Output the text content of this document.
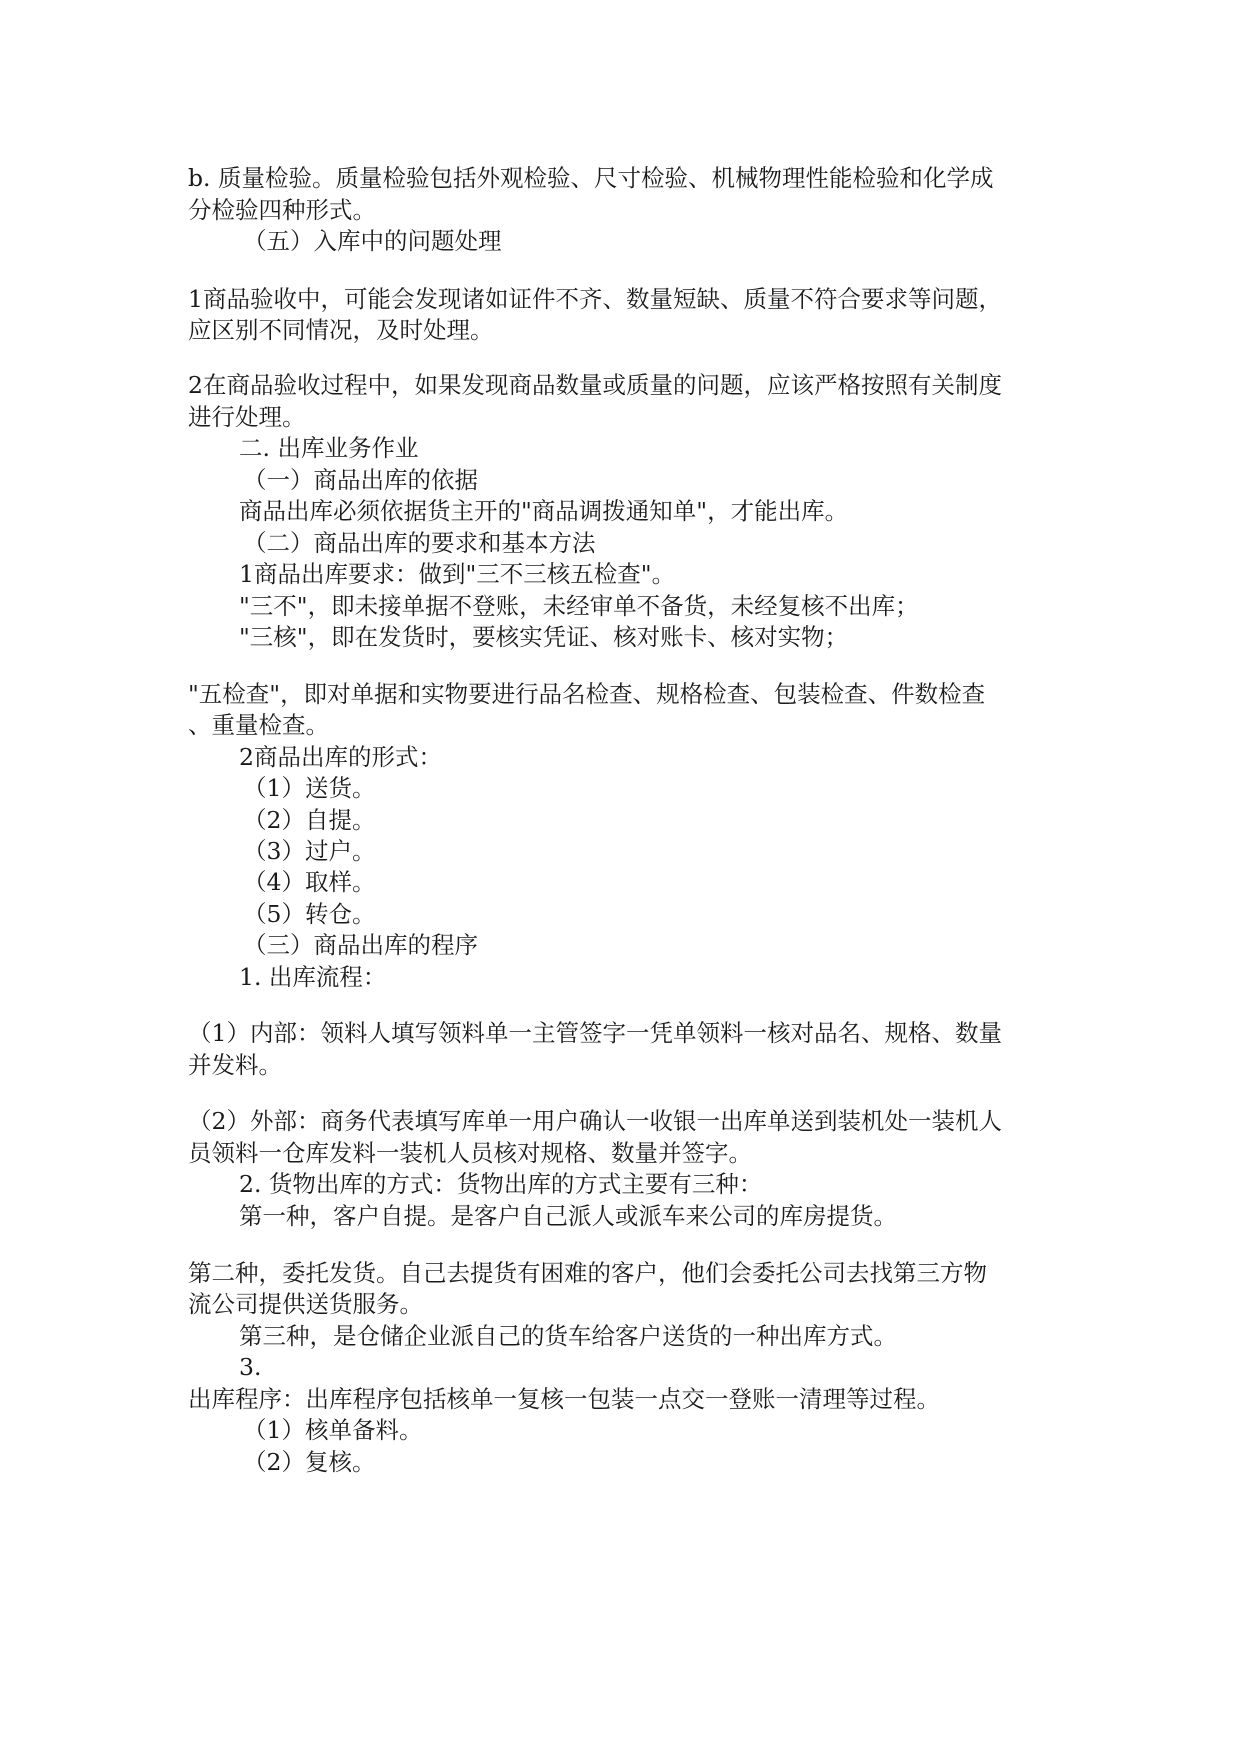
b. 质量检验。质量检验包括外观检验、尺寸检验、机械物理性能检验和化学成
分检验四种形式。
（五）入库中的问题处理
1商品验收中，可能会发现诸如证件不齐、数量短缺、质量不符合要求等问题，
应区别不同情况，及时处理。
2在商品验收过程中，如果发现商品数量或质量的问题，应该严格按照有关制度
进行处理。
二. 出库业务作业
（一）商品出库的依据
商品出库必须依据货主开的"商品调拨通知单"，才能出库。
（二）商品出库的要求和基本方法
1商品出库要求：做到"三不三核五检查"。
"三不"，即未接单据不登账，未经审单不备货，未经复核不出库；
"三核"，即在发货时，要核实凭证、核对账卡、核对实物；
"五检查"，即对单据和实物要进行品名检查、规格检查、包装检查、件数检查
、重量检查。
2商品出库的形式：
（1）送货。
（2）自提。
（3）过户。
（4）取样。
（5）转仓。
（三）商品出库的程序
1. 出库流程：
（1）内部：领料人填写领料单一主管签字一凭单领料一核对品名、规格、数量
并发料。
（2）外部：商务代表填写库单一用户确认一收银一出库单送到装机处一装机人
员领料一仓库发料一装机人员核对规格、数量并签字。
2. 货物出库的方式：货物出库的方式主要有三种：
第一种，客户自提。是客户自己派人或派车来公司的库房提货。
第二种，委托发货。自己去提货有困难的客户，他们会委托公司去找第三方物
流公司提供送货服务。
第三种，是仓储企业派自己的货车给客户送货的一种出库方式。
3.
出库程序：出库程序包括核单一复核一包装一点交一登账一清理等过程。
（1）核单备料。
（2）复核。
